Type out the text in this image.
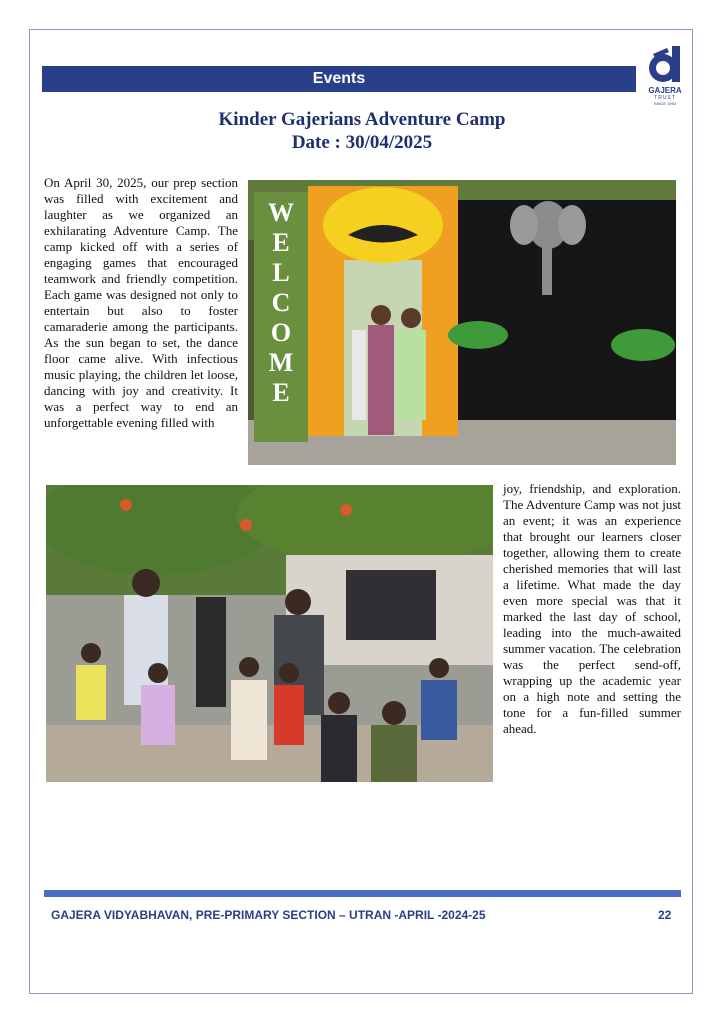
Events
GAJERA
TRUST
SINCE 1993
Kinder Gajerians Adventure Camp
Date : 30/04/2025
On April 30, 2025, our prep section was filled with excitement and laughter as we organized an exhilarating Adventure Camp. The camp kicked off with a series of engaging games that encouraged teamwork and friendly competition. Each game was designed not only to entertain but also to foster camaraderie among the participants. As the sun began to set, the dance floor came alive. With infectious music playing, the children let loose, dancing with joy and creativity. It was a perfect way to end an unforgettable evening filled with
W
E
L
C
O
M
E
joy, friendship, and exploration. The Adventure Camp was not just an event; it was an experience that brought our learners closer together, allowing them to create cherished memories that will last a lifetime. What made the day even more special was that it marked the last day of school, leading into the much-awaited summer vacation. The celebration was the perfect send-off, wrapping up the academic year on a high note and setting the tone for a fun-filled summer ahead.
GAJERA VIDYABHAVAN, PRE-PRIMARY SECTION – UTRAN -APRIL -2024-25	22
